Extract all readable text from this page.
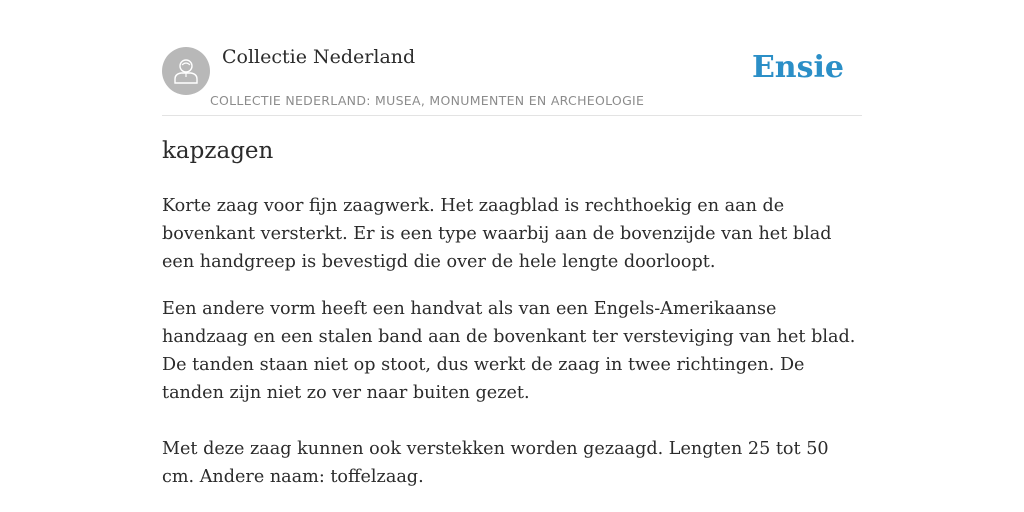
Collectie Nederland
COLLECTIE NEDERLAND: MUSEA, MONUMENTEN EN ARCHEOLOGIE
Ensie
kapzagen

Korte zaag voor fijn zaagwerk. Het zaagblad is rechthoekig en aan de bovenkant versterkt. Er is een type waarbij aan de bovenzijde van het blad een handgreep is bevestigd die over de hele lengte doorloopt.

Een andere vorm heeft een handvat als van een Engels-Amerikaanse handzaag en een stalen band aan de bovenkant ter versteviging van het blad. De tanden staan niet op stoot, dus werkt de zaag in twee richtingen. De tanden zijn niet zo ver naar buiten gezet.

Met deze zaag kunnen ook verstekken worden gezaagd. Lengten 25 tot 50 cm. Andere naam: toffelzaag.
